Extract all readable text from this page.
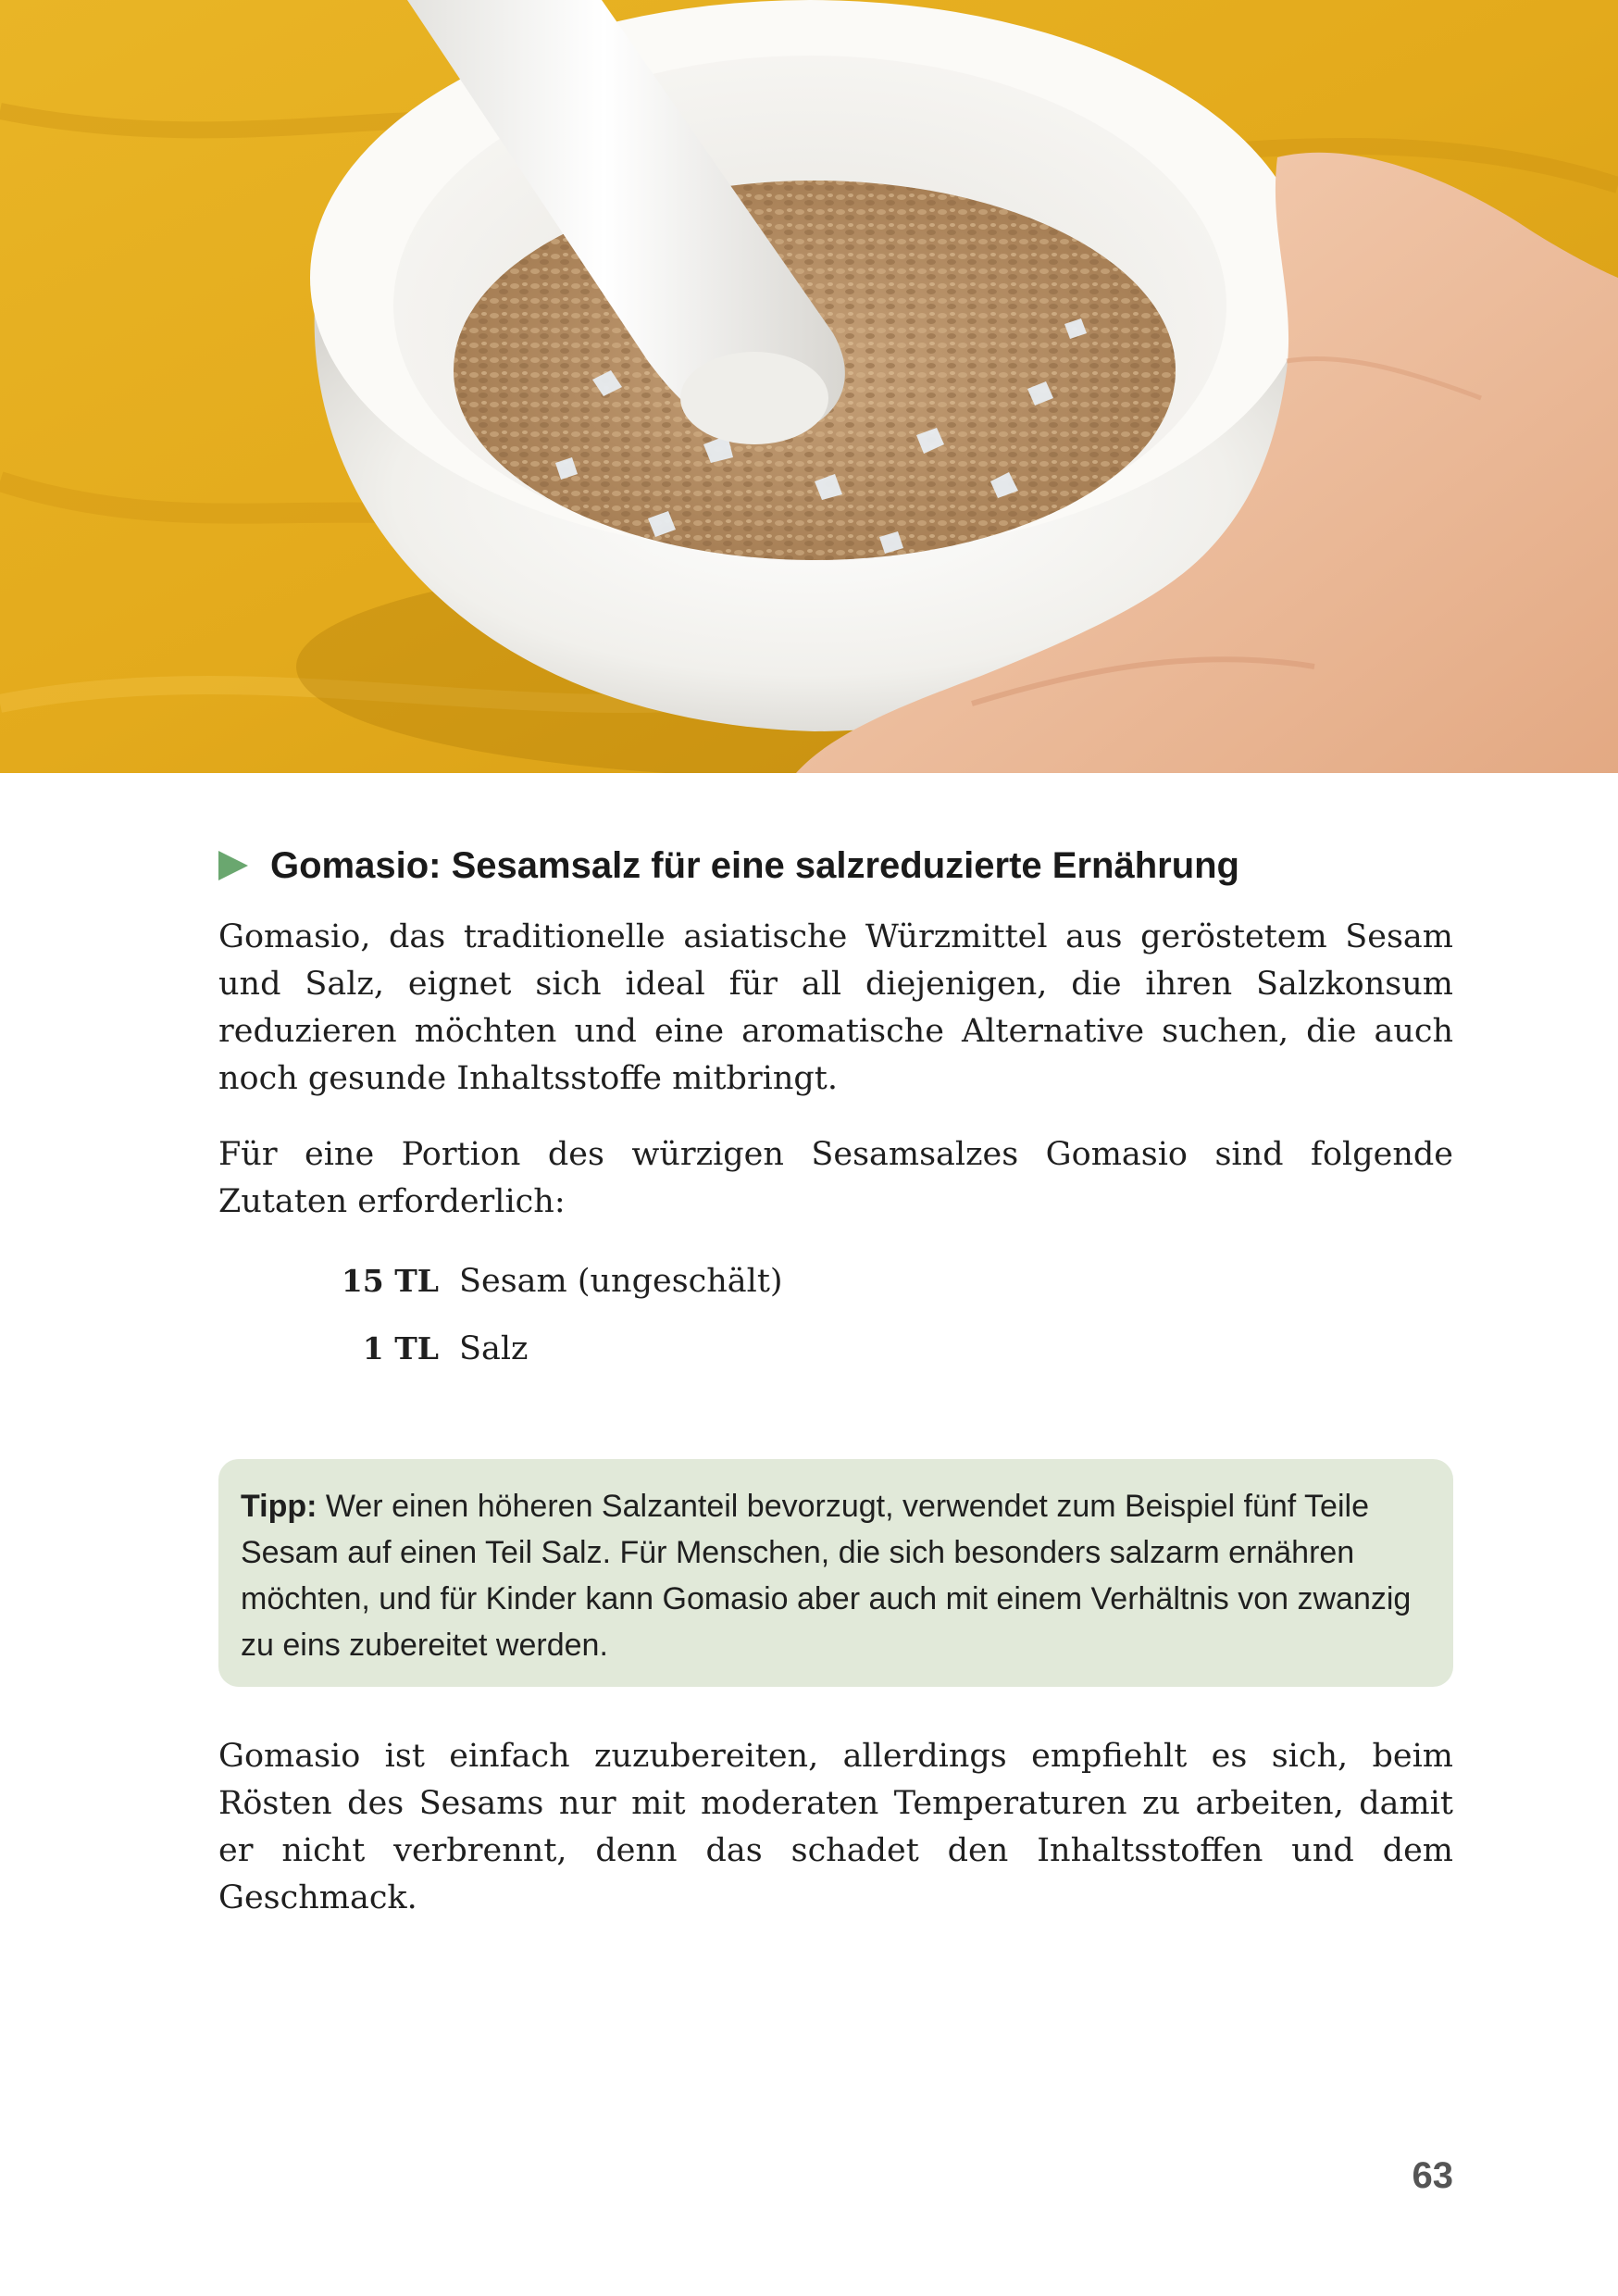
Gomasio: Sesamsalz für eine salzreduzierte Ernährung

Gomasio, das traditionelle asiatische Würzmittel aus geröstetem Sesam und Salz, eignet sich ideal für all diejenigen, die ihren Salzkonsum reduzieren möchten und eine aromatische Alternative suchen, die auch noch gesunde Inhaltsstoffe mitbringt.

Für eine Portion des würzigen Sesamsalzes Gomasio sind folgende Zutaten erforderlich:

15 TL Sesam (ungeschält)
1 TL Salz

Tipp: Wer einen höheren Salzanteil bevorzugt, verwendet zum Beispiel fünf Teile Sesam auf einen Teil Salz. Für Menschen, die sich besonders salzarm ernähren möchten, und für Kinder kann Gomasio aber auch mit einem Verhältnis von zwanzig zu eins zubereitet werden.

Gomasio ist einfach zuzubereiten, allerdings empfiehlt es sich, beim Rösten des Sesams nur mit moderaten Temperaturen zu arbeiten, damit er nicht verbrennt, denn das schadet den Inhaltsstoffen und dem Geschmack.

63
